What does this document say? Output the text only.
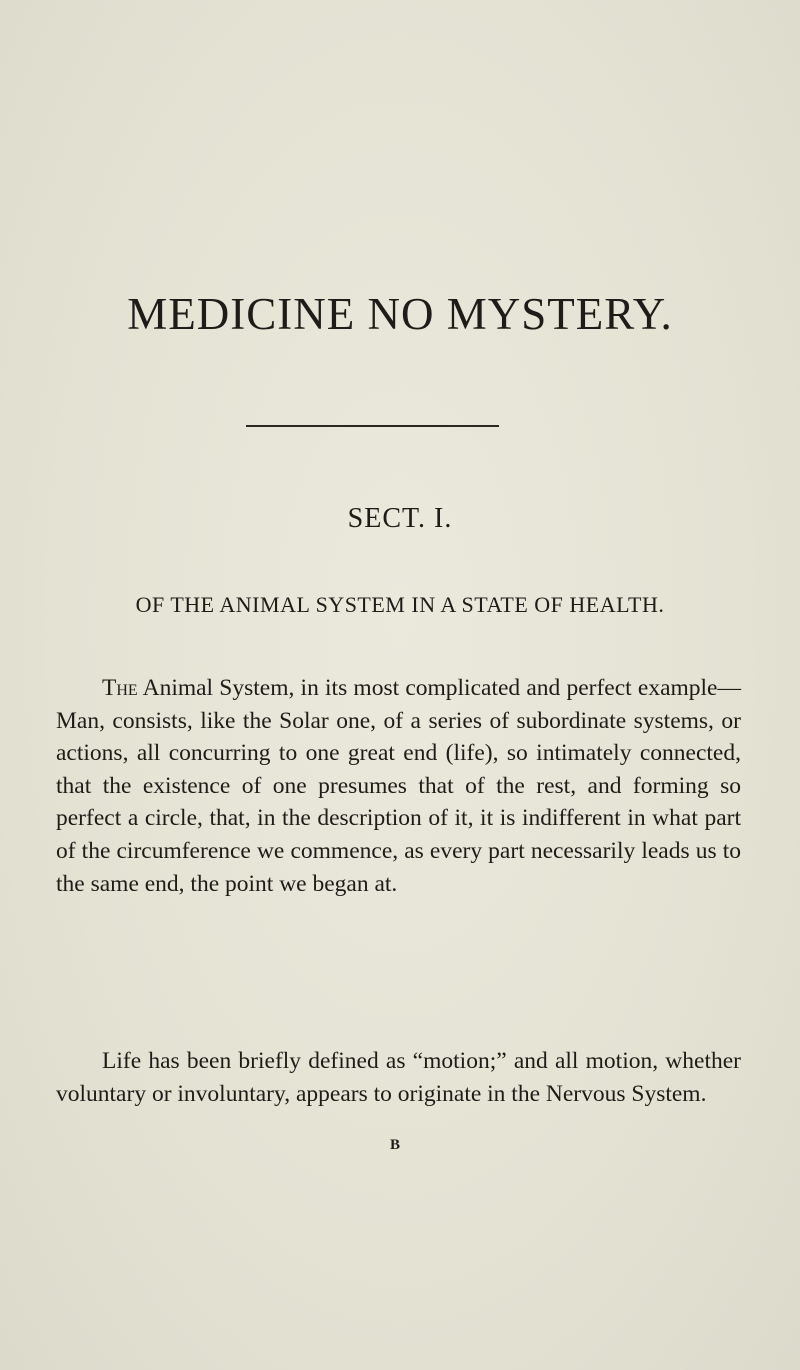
MEDICINE NO MYSTERY.
SECT. I.
OF THE ANIMAL SYSTEM IN A STATE OF HEALTH.

The Animal System, in its most complicated and perfect example—Man, consists, like the Solar one, of a series of subordinate systems, or actions, all concurring to one great end (life), so intimately connected, that the existence of one presumes that of the rest, and forming so perfect a circle, that, in the description of it, it is indifferent in what part of the circumference we commence, as every part necessarily leads us to the same end, the point we began at.

Life has been briefly defined as “motion;” and all motion, whether voluntary or involuntary, appears to originate in the Nervous System.

B
